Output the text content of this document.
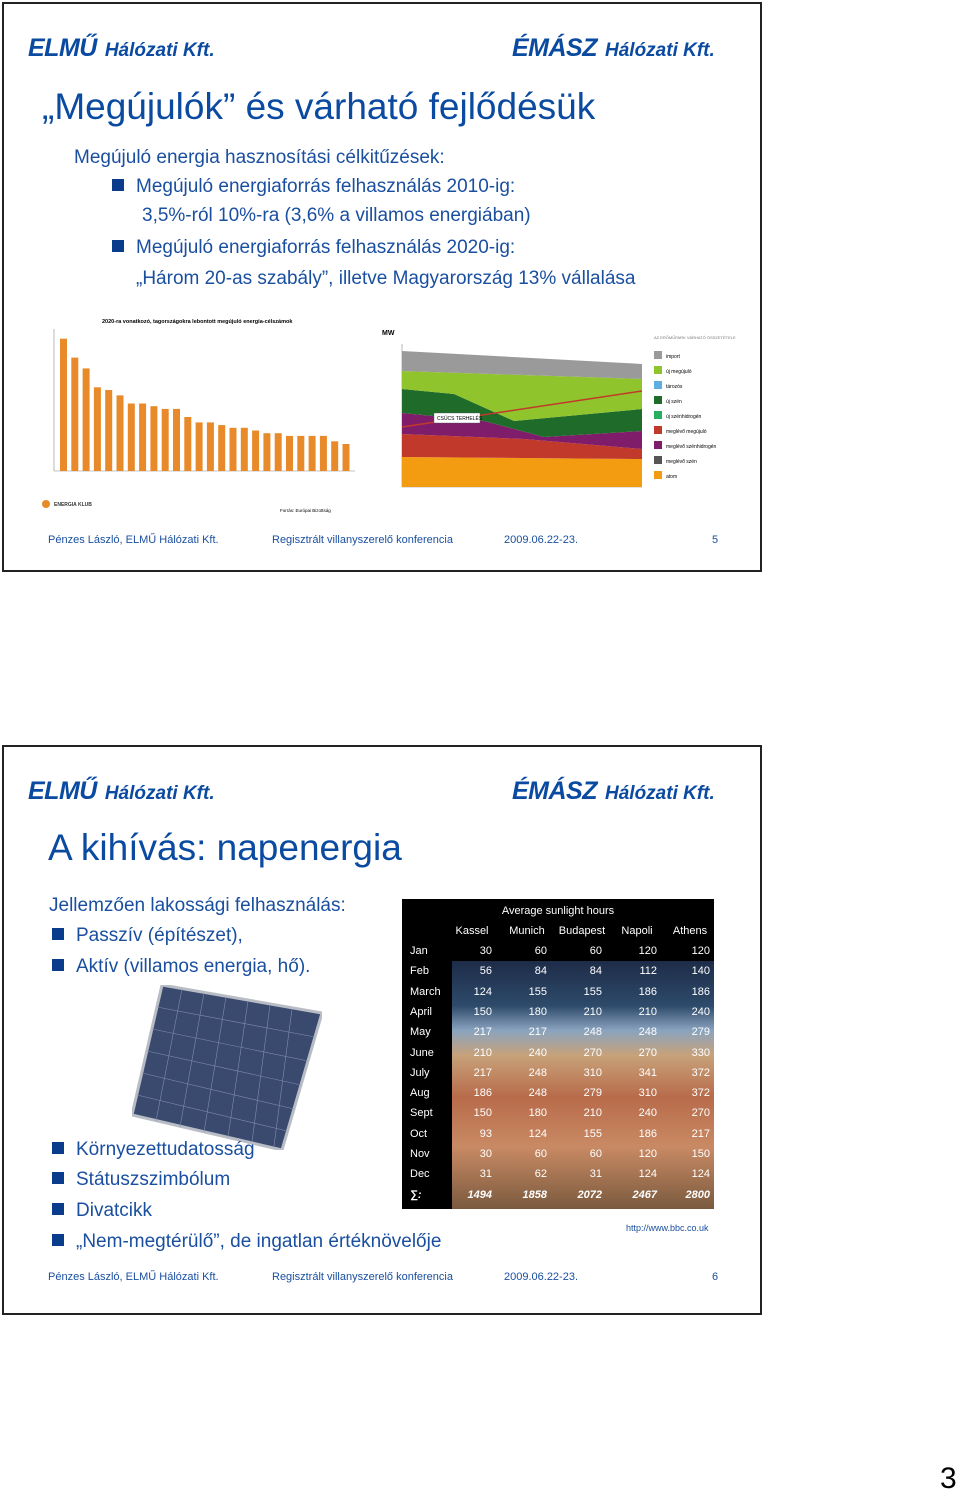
ELMŰ Hálózati Kft.	ÉMÁSZ Hálózati Kft.
„Megújulók” és várható fejlődésük
Megújuló energia hasznosítási célkitűzések:
Megújuló energiaforrás felhasználás 2010-ig:
3,5%-ról 10%-ra (3,6% a villamos energiában)
Megújuló energiaforrás felhasználás 2020-ig:
„Három 20-as szabály”, illetve Magyarország 13% vállalása
2020-ra vonatkozó, tagországokra lebontott megújuló energia-célszámok
Forrás: Európai Bizottság
ENERGIA KLUB
MW
CSÚCS TERHELÉS
AZ ERŐMŰPARK VÁRHATÓ ÖSSZETÉTELE
import
új megújuló
tározós
új szén
új szénhidrogén
meglévő megújuló
meglévő szénhidrogén
meglévő szén
atom
Pénzes László, ELMŰ Hálózati Kft.	Regisztrált villanyszerelő konferencia	2009.06.22-23.	5
ELMŰ Hálózati Kft.	ÉMÁSZ Hálózati Kft.
A kihívás: napenergia
Jellemzően lakossági felhasználás:
Passzív (építészet),
Aktív (villamos energia, hő).
Környezettudatosság
Státuszszimbólum
Divatcikk
„Nem-megtérülő”, de ingatlan értéknövelője
Average sunlight hours
Kassel	Munich	Budapest	Napoli	Athens
Jan	30	60	60	120	120
Feb	56	84	84	112	140
March	124	155	155	186	186
April	150	180	210	210	240
May	217	217	248	248	279
June	210	240	270	270	330
July	217	248	310	341	372
Aug	186	248	279	310	372
Sept	150	180	210	240	270
Oct	93	124	155	186	217
Nov	30	60	60	120	150
Dec	31	62	31	124	124
∑:	1494	1858	2072	2467	2800
http://www.bbc.co.uk
Pénzes László, ELMŰ Hálózati Kft.	Regisztrált villanyszerelő konferencia	2009.06.22-23.	6
3
